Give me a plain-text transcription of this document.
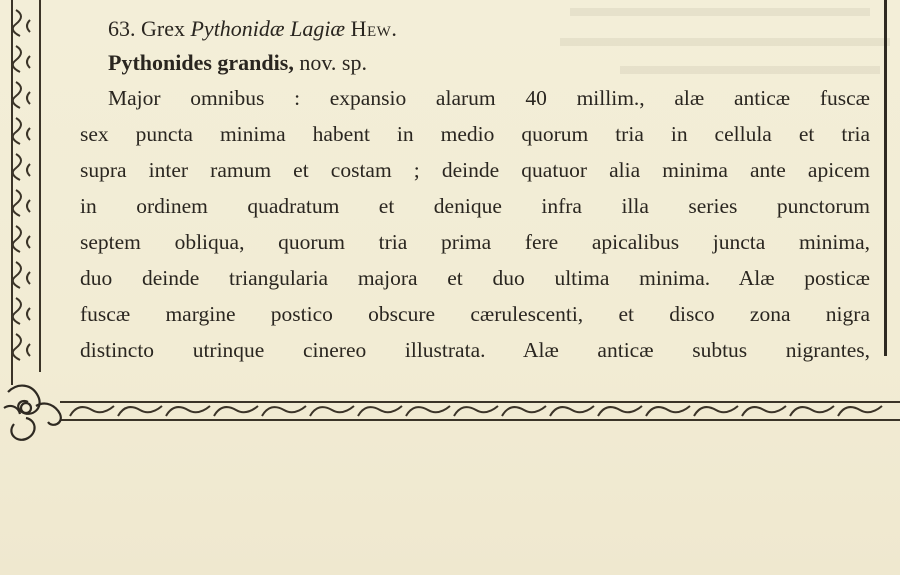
63. Grex Pythonidæ Lagiæ Hew.
Pythonides grandis, nov. sp.
Major omnibus : expansio alarum 40 millim., alæ anticæ fuscæ
sex puncta minima habent in medio quorum tria in cellula et tria
supra inter ramum et costam ; deinde quatuor alia minima ante apicem
in ordinem quadratum et denique infra illa series punctorum
septem obliqua, quorum tria prima fere apicalibus juncta minima,
duo deinde triangularia majora et duo ultima minima. Alæ posticæ
fuscæ margine postico obscure cærulescenti, et disco zona nigra
distincto utrinque cinereo illustrata. Alæ anticæ subtus nigrantes,
